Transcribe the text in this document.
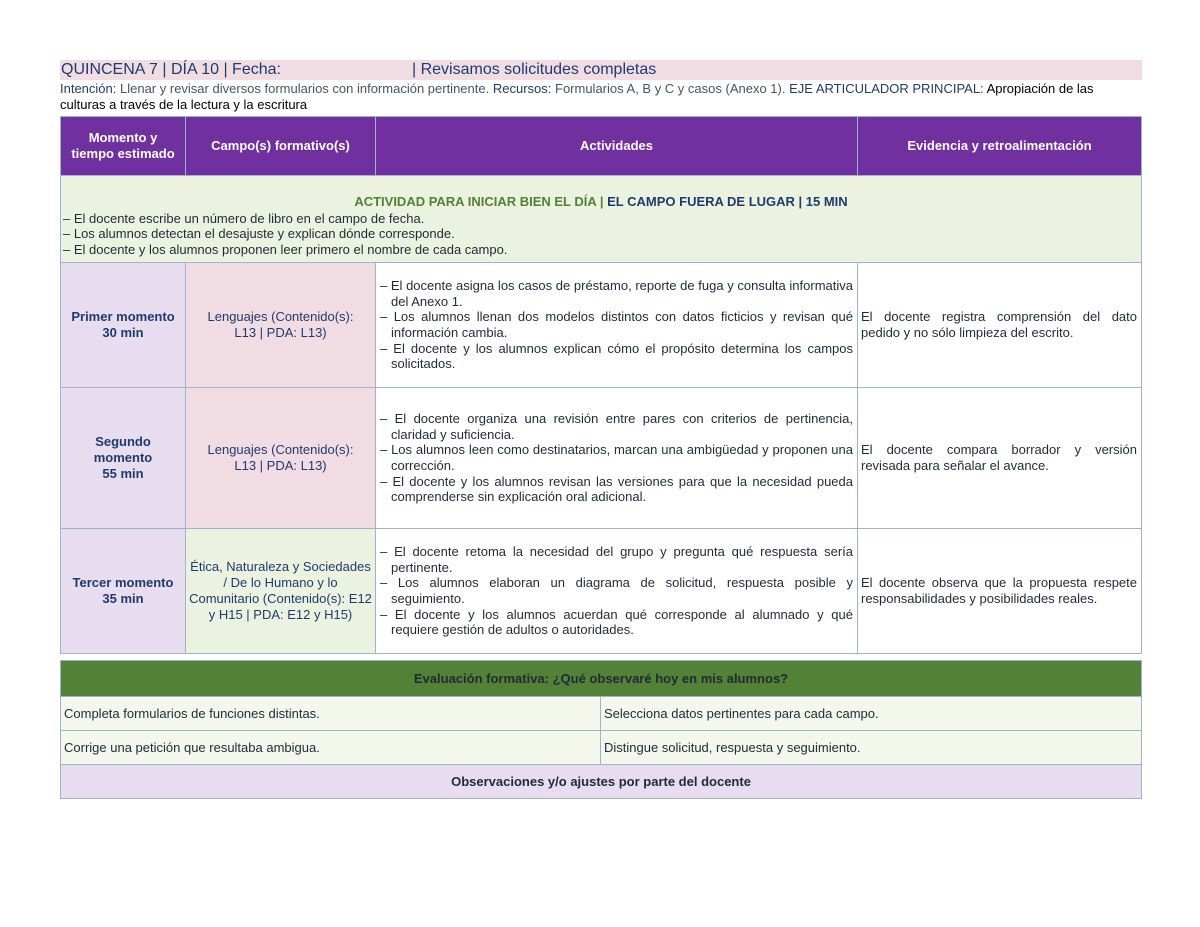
QUINCENA 7 | DÍA 10 | Fecha:	| Revisamos solicitudes completas
Intención: Llenar y revisar diversos formularios con información pertinente. Recursos: Formularios A, B y C y casos (Anexo 1). EJE ARTICULADOR PRINCIPAL: Apropiación de las culturas a través de la lectura y la escritura
Momento y tiempo estimado	Campo(s) formativo(s)	Actividades	Evidencia y retroalimentación

ACTIVIDAD PARA INICIAR BIEN EL DÍA | EL CAMPO FUERA DE LUGAR | 15 MIN
– El docente escribe un número de libro en el campo de fecha.
– Los alumnos detectan el desajuste y explican dónde corresponde.
– El docente y los alumnos proponen leer primero el nombre de cada campo.			

Primer momento 30 min	Lenguajes (Contenido(s): L13 | PDA: L13)	– El docente asigna los casos de préstamo, reporte de fuga y consulta informativa del Anexo 1.
– Los alumnos llenan dos modelos distintos con datos ficticios y revisan qué información cambia.
– El docente y los alumnos explican cómo el propósito determina los campos solicitados.	El docente registra comprensión del dato pedido y no sólo limpieza del escrito.
Segundo momento 55 min	Lenguajes (Contenido(s): L13 | PDA: L13)	– El docente organiza una revisión entre pares con criterios de pertinencia, claridad y suficiencia.
– Los alumnos leen como destinatarios, marcan una ambigüedad y proponen una corrección.
– El docente y los alumnos revisan las versiones para que la necesidad pueda comprenderse sin explicación oral adicional.	El docente compara borrador y versión revisada para señalar el avance.
Tercer momento 35 min	Ética, Naturaleza y Sociedades / De lo Humano y lo Comunitario (Contenido(s): E12 y H15 | PDA: E12 y H15)	– El docente retoma la necesidad del grupo y pregunta qué respuesta sería pertinente.
– Los alumnos elaboran un diagrama de solicitud, respuesta posible y seguimiento.
– El docente y los alumnos acuerdan qué corresponde al alumnado y qué requiere gestión de adultos o autoridades.	El docente observa que la propuesta respete responsabilidades y posibilidades reales.
Evaluación formativa: ¿Qué observaré hoy en mis alumnos?	
Completa formularios de funciones distintas.	Selecciona datos pertinentes para cada campo.
Corrige una petición que resultaba ambigua.	Distingue solicitud, respuesta y seguimiento.
Observaciones y/o ajustes por parte del docente	
